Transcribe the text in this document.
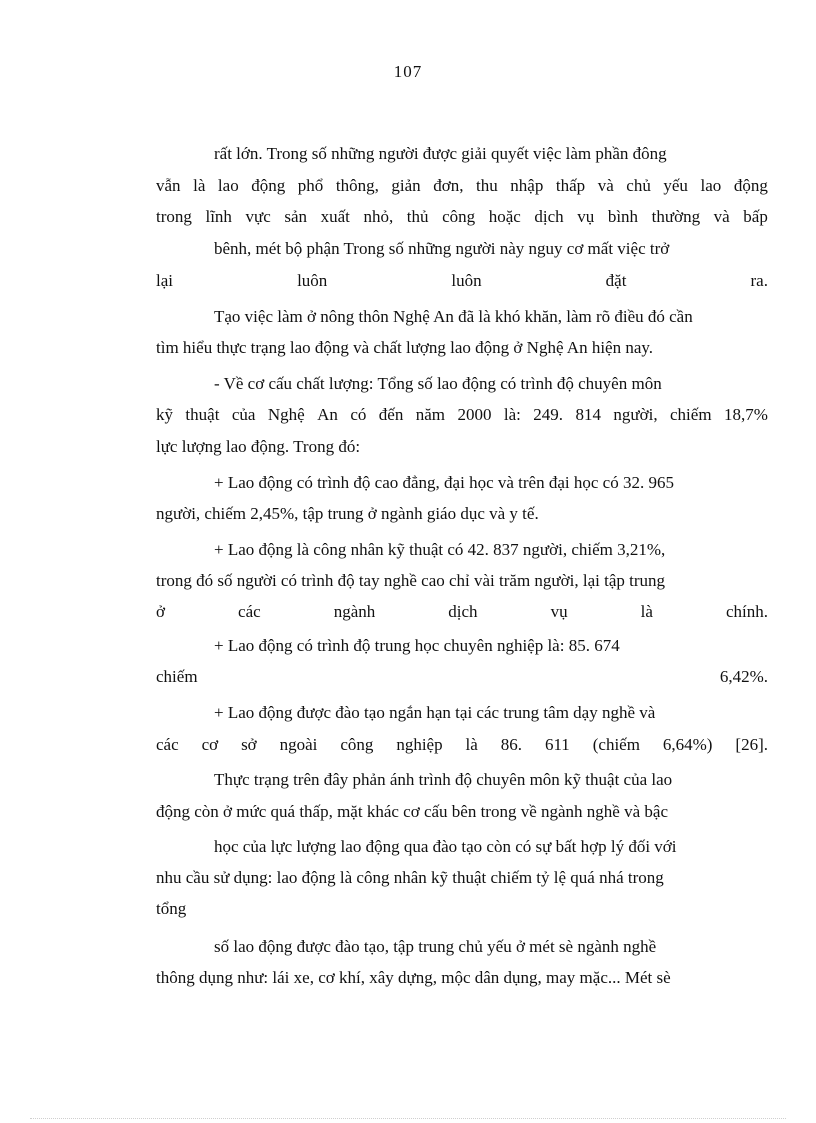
107
rất lớn. Trong số những người được giải quyết việc làm phần đông
vẫn là lao động phổ thông, giản đơn, thu nhập thấp và chủ yếu lao động
trong lĩnh vực sản xuất nhỏ, thủ công hoặc dịch vụ bình thường và bấp
bênh, mét bộ phận Trong số những người này nguy cơ mất việc trở
lại	luôn	luôn	đặt	ra.
Tạo việc làm ở nông thôn Nghệ An đã là khó khăn, làm rõ điều đó cần
tìm hiểu thực trạng lao động và chất lượng lao động ở Nghệ An hiện nay.
- Về cơ cấu chất lượng: Tổng số lao động có trình độ chuyên môn
kỹ thuật của Nghệ An có đến năm 2000 là: 249. 814 người, chiếm 18,7%
lực lượng lao động. Trong đó:
+ Lao động có trình độ cao đẳng, đại học và trên đại học có 32. 965
người, chiếm 2,45%, tập trung ở ngành giáo dục và y tế.
+ Lao động là công nhân kỹ thuật có 42. 837 người, chiếm 3,21%,
trong đó số người có trình độ tay nghề cao chỉ vài trăm người, lại tập trung
ở	các	ngành	dịch	vụ	là	chính.
+ Lao động có trình độ trung học chuyên nghiệp là: 85. 674
chiếm	6,42%.
+ Lao động được đào tạo ngắn hạn tại các trung tâm dạy nghề và
các cơ sở ngoài công nghiệp là 86. 611 (chiếm 6,64%) [26].
Thực trạng trên đây phản ánh trình độ chuyên môn kỹ thuật của lao
động còn ở mức quá thấp, mặt khác cơ cấu bên trong về ngành nghề và bậc
học của lực lượng lao động qua đào tạo còn có sự bất hợp lý đối với
nhu cầu sử dụng: lao động là công nhân kỹ thuật chiếm tỷ lệ quá nhá trong
tổng
số lao động được đào tạo, tập trung chủ yếu ở mét sè ngành nghề
thông dụng như: lái xe, cơ khí, xây dựng, mộc dân dụng, may mặc... Mét sè
